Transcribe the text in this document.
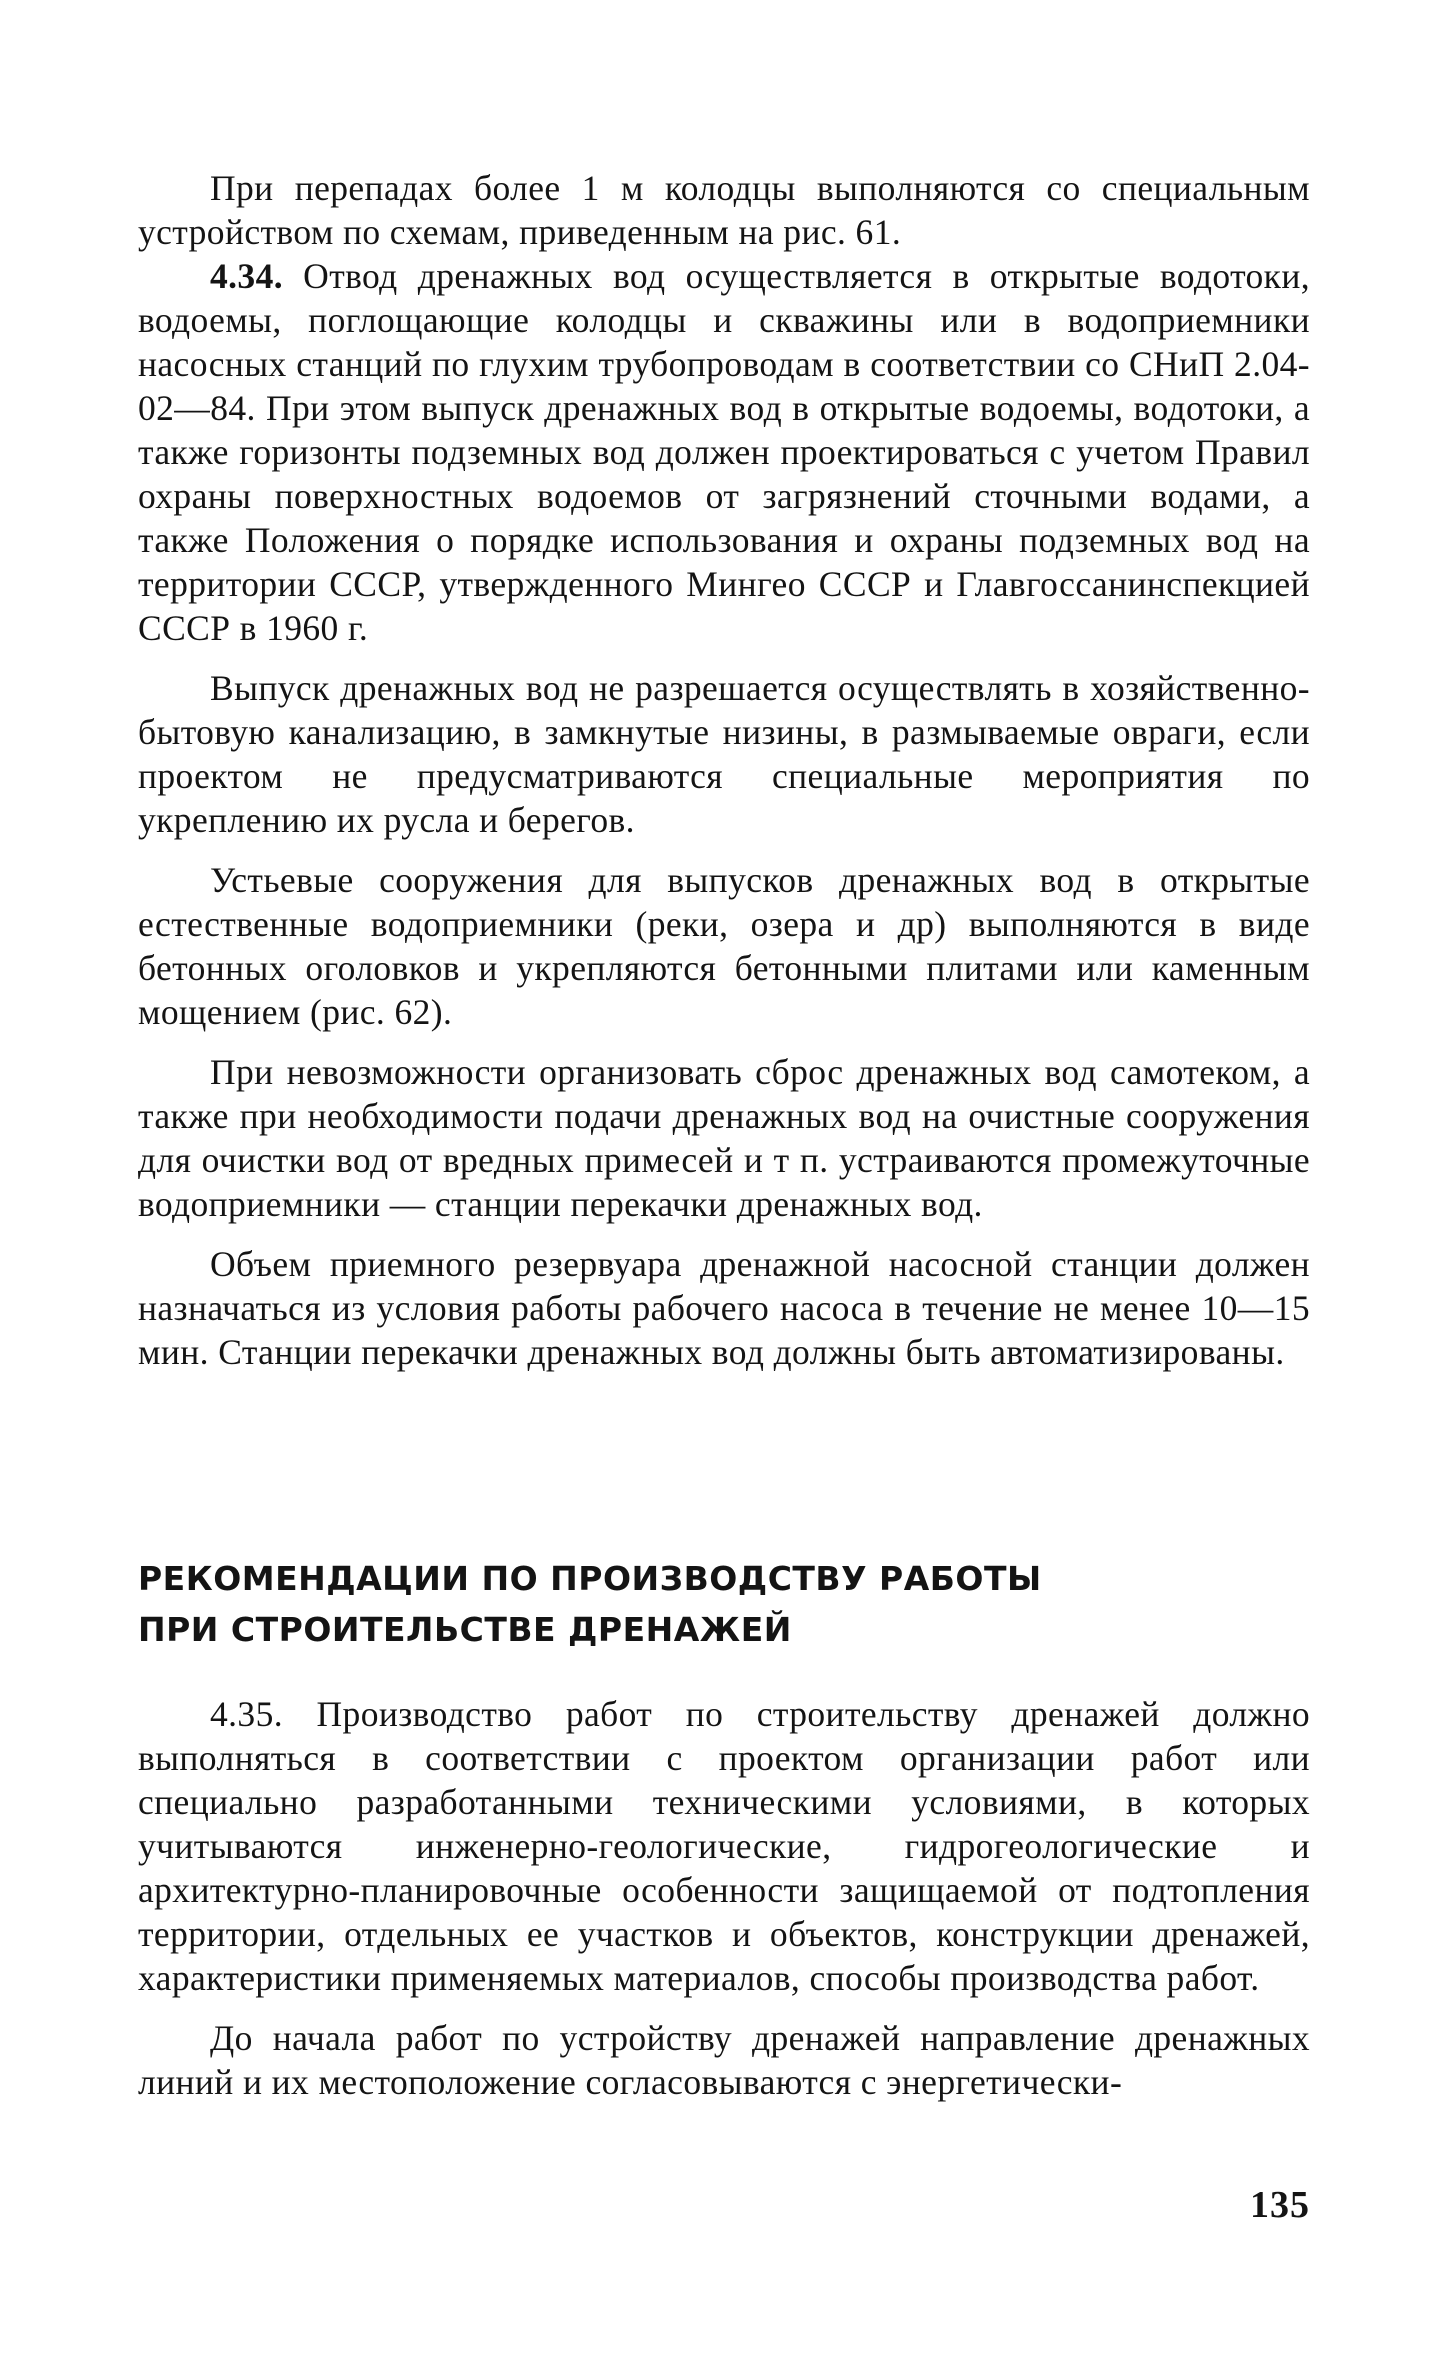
При перепадах более 1 м колодцы выполняются со специальным устройством по схемам, приведенным на рис. 61.

4.34. Отвод дренажных вод осуществляется в открытые водотоки, водоемы, поглощающие колодцы и скважины или в водоприемники насосных станций по глухим трубопроводам в соответствии со СНиП 2.04-02—84. При этом выпуск дренажных вод в открытые водоемы, водотоки, а также горизонты подземных вод должен проектироваться с учетом Правил охраны поверхностных водоемов от загрязнений сточными водами, а также Положения о порядке использования и охраны подземных вод на территории СССР, утвержденного Мингео СССР и Главгоссанинспекцией СССР в 1960 г.

Выпуск дренажных вод не разрешается осуществлять в хозяйственно-бытовую канализацию, в замкнутые низины, в размываемые овраги, если проектом не предусматриваются специальные мероприятия по укреплению их русла и берегов.

Устьевые сооружения для выпусков дренажных вод в открытые естественные водоприемники (реки, озера и др) выполняются в виде бетонных оголовков и укрепляются бетонными плитами или каменным мощением (рис. 62).

При невозможности организовать сброс дренажных вод самотеком, а также при необходимости подачи дренажных вод на очистные сооружения для очистки вод от вредных примесей и т п. устраиваются промежуточные водоприемники — станции перекачки дренажных вод.

Объем приемного резервуара дренажной насосной станции должен назначаться из условия работы рабочего насоса в течение не менее 10—15 мин. Станции перекачки дренажных вод должны быть автоматизированы.

РЕКОМЕНДАЦИИ ПО ПРОИЗВОДСТВУ РАБОТЫ
ПРИ СТРОИТЕЛЬСТВЕ ДРЕНАЖЕЙ

4.35. Производство работ по строительству дренажей должно выполняться в соответствии с проектом организации работ или специально разработанными техническими условиями, в которых учитываются инженерно-геологические, гидрогеологические и архитектурно-планировочные особенности защищаемой от подтопления территории, отдельных ее участков и объектов, конструкции дренажей, характеристики применяемых материалов, способы производства работ.

До начала работ по устройству дренажей направление дренажных линий и их местоположение согласовываются с энергетически-

135
